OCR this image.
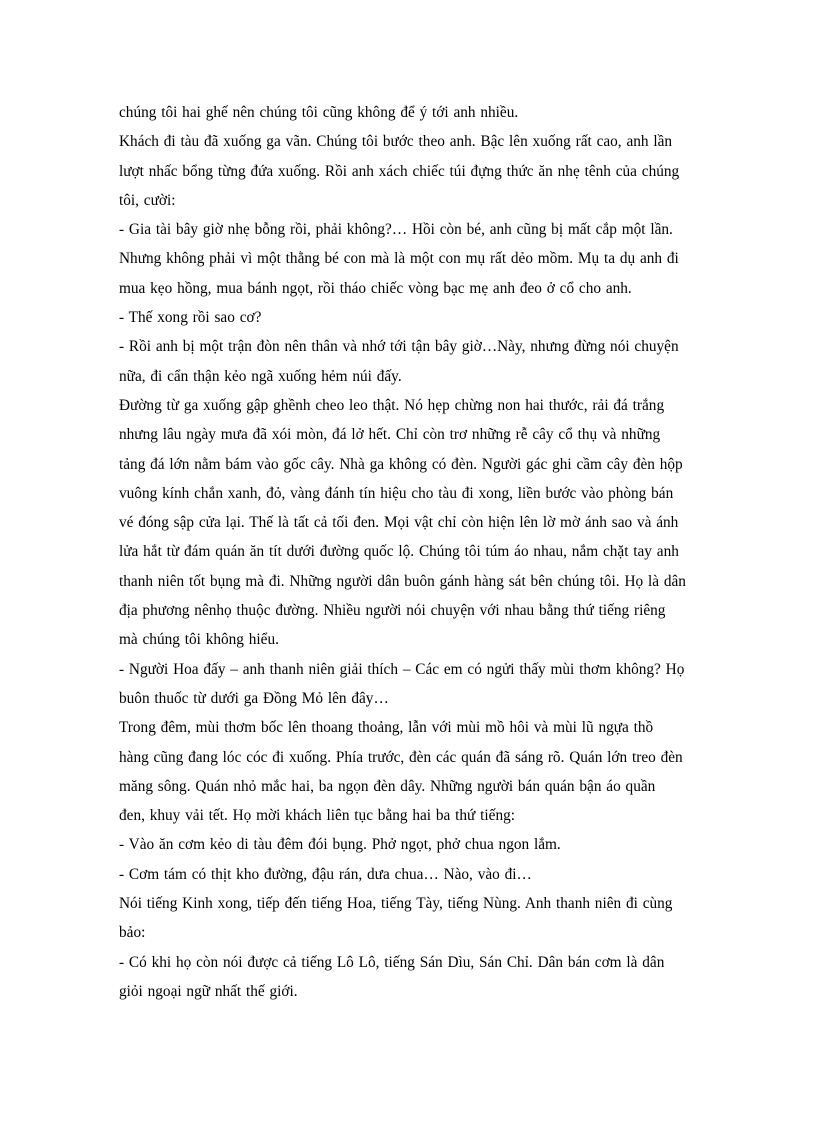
chúng tôi hai ghế nên chúng tôi cũng không để ý tới anh nhiều.
Khách đi tàu đã xuống ga vãn. Chúng tôi bước theo anh. Bậc lên xuống rất cao, anh lần
lượt nhấc bổng từng đứa xuống. Rồi anh xách chiếc túi đựng thức ăn nhẹ tênh của chúng
tôi, cười:
- Gia tài bây giờ nhẹ bỗng rồi, phải không?… Hồi còn bé, anh cũng bị mất cắp một lần.
Nhưng không phải vì một thằng bé con mà là một con mụ rất dẻo mồm. Mụ ta dụ anh đi
mua kẹo hồng, mua bánh ngọt, rồi tháo chiếc vòng bạc mẹ anh đeo ở cổ cho anh.
- Thế xong rồi sao cơ?
- Rồi anh bị một trận đòn nên thân và nhớ tới tận bây giờ…Này, nhưng đừng nói chuyện
nữa, đi cẩn thận kẻo ngã xuống hẻm núi đấy.
Đường từ ga xuống gập ghềnh cheo leo thật. Nó hẹp chừng non hai thước, rải đá trắng
nhưng lâu ngày mưa đã xói mòn, đá lở hết. Chỉ còn trơ những rễ cây cổ thụ và những
tảng đá lớn nằm bám vào gốc cây. Nhà ga không có đèn. Người gác ghi cầm cây đèn hộp
vuông kính chắn xanh, đỏ, vàng đánh tín hiệu cho tàu đi xong, liền bước vào phòng bán
vé đóng sập cửa lại. Thế là tất cả tối đen. Mọi vật chỉ còn hiện lên lờ mờ ánh sao và ánh
lửa hắt từ đám quán ăn tít dưới đường quốc lộ. Chúng tôi túm áo nhau, nắm chặt tay anh
thanh niên tốt bụng mà đi. Những người dân buôn gánh hàng sát bên chúng tôi. Họ là dân
địa phương nênhọ thuộc đường. Nhiều người nói chuyện với nhau bằng thứ tiếng riêng
mà chúng tôi không hiểu.
- Người Hoa đấy – anh thanh niên giải thích – Các em có ngửi thấy mùi thơm không? Họ
buôn thuốc từ dưới ga Đồng Mỏ lên đây…
Trong đêm, mùi thơm bốc lên thoang thoảng, lẫn với mùi mồ hôi và mùi lũ ngựa thồ
hàng cũng đang lóc cóc đi xuống. Phía trước, đèn các quán đã sáng rõ. Quán lớn treo đèn
măng sông. Quán nhỏ mắc hai, ba ngọn đèn dây. Những người bán quán bận áo quần
đen, khuy vải tết. Họ mời khách liên tục bằng hai ba thứ tiếng:
- Vào ăn cơm kẻo di tàu đêm đói bụng. Phở ngọt, phở chua ngon lắm.
- Cơm tám có thịt kho đường, đậu rán, dưa chua… Nào, vào đi…
Nói tiếng Kinh xong, tiếp đến tiếng Hoa, tiếng Tày, tiếng Nùng. Anh thanh niên đi cùng
bảo:
- Có khi họ còn nói được cả tiếng Lô Lô, tiếng Sán Dìu, Sán Chỉ. Dân bán cơm là dân
giỏi ngoại ngữ nhất thế giới.
